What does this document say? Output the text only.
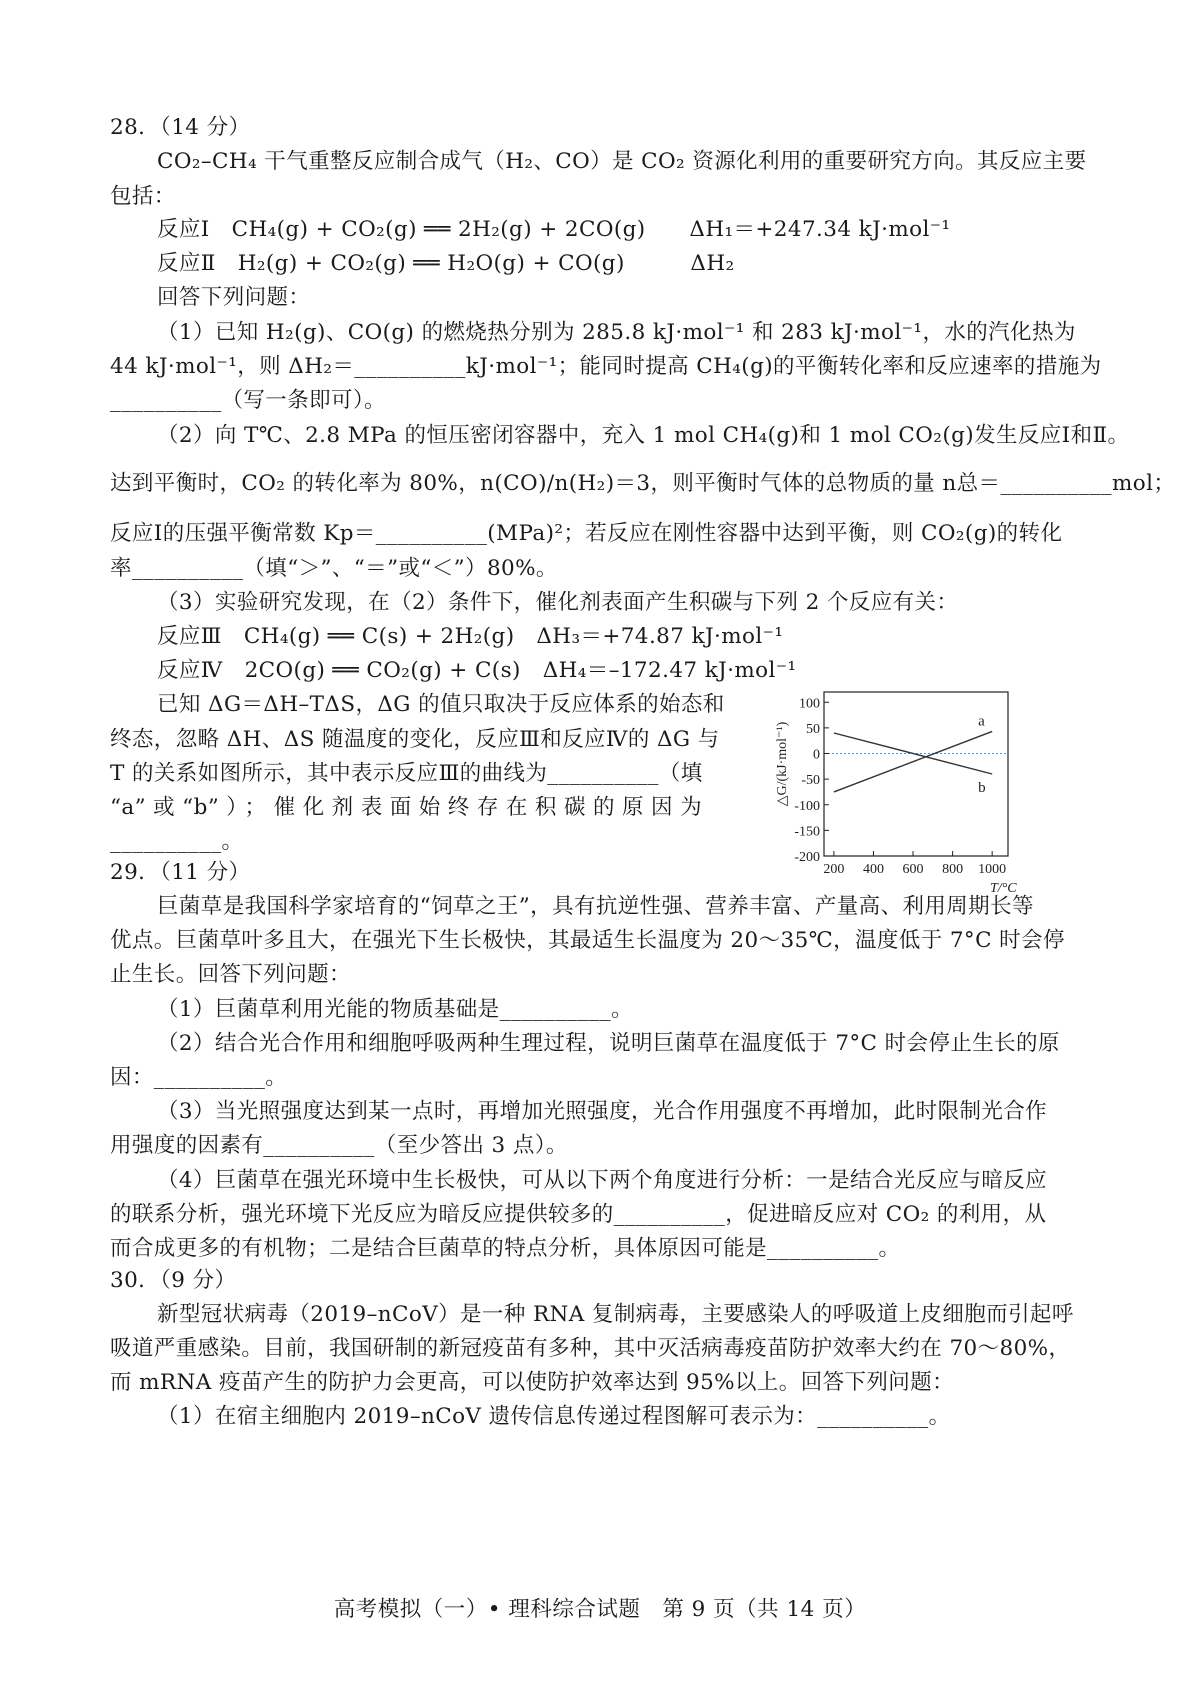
28．（14 分）
CO₂–CH₄ 干气重整反应制合成气（H₂、CO）是 CO₂ 资源化利用的重要研究方向。其反应主要
包括：
反应Ⅰ　CH₄(g) + CO₂(g) ══ 2H₂(g) + 2CO(g)　　ΔH₁＝+247.34 kJ·mol⁻¹
反应Ⅱ　H₂(g) + CO₂(g) ══ H₂O(g) + CO(g)　　　ΔH₂
回答下列问题：
（1）已知 H₂(g)、CO(g) 的燃烧热分别为 285.8 kJ·mol⁻¹ 和 283 kJ·mol⁻¹，水的汽化热为
44 kJ·mol⁻¹，则 ΔH₂＝__________kJ·mol⁻¹；能同时提高 CH₄(g)的平衡转化率和反应速率的措施为
__________（写一条即可）。
（2）向 T℃、2.8 MPa 的恒压密闭容器中，充入 1 mol CH₄(g)和 1 mol CO₂(g)发生反应Ⅰ和Ⅱ。
达到平衡时，CO₂ 的转化率为 80%，n(CO)/n(H₂)＝3，则平衡时气体的总物质的量 n总＝__________mol；
反应Ⅰ的压强平衡常数 Kp＝__________(MPa)²；若反应在刚性容器中达到平衡，则 CO₂(g)的转化
率__________（填“＞”、“＝”或“＜”）80%。
（3）实验研究发现，在（2）条件下，催化剂表面产生积碳与下列 2 个反应有关：
反应Ⅲ　CH₄(g) ══ C(s) + 2H₂(g)　ΔH₃＝+74.87 kJ·mol⁻¹
反应Ⅳ　2CO(g) ══ CO₂(g) + C(s)　ΔH₄＝–172.47 kJ·mol⁻¹
已知 ΔG＝ΔH–TΔS，ΔG 的值只取决于反应体系的始态和
终态，忽略 ΔH、ΔS 随温度的变化，反应Ⅲ和反应Ⅳ的 ΔG 与
T 的关系如图所示，其中表示反应Ⅲ的曲线为__________（填
“a”或“b”）；催化剂表面始终存在积碳的原因为
__________。
100
50
0
-50
-100
-150
-200
200 400 600 800 1000
a
b
T/°C
△G/(kJ·mol⁻¹)
29．（11 分）
巨菌草是我国科学家培育的“饲草之王”，具有抗逆性强、营养丰富、产量高、利用周期长等
优点。巨菌草叶多且大，在强光下生长极快，其最适生长温度为 20～35℃，温度低于 7°C 时会停
止生长。回答下列问题：
（1）巨菌草利用光能的物质基础是__________。
（2）结合光合作用和细胞呼吸两种生理过程，说明巨菌草在温度低于 7°C 时会停止生长的原
因：__________。
（3）当光照强度达到某一点时，再增加光照强度，光合作用强度不再增加，此时限制光合作
用强度的因素有__________（至少答出 3 点）。
（4）巨菌草在强光环境中生长极快，可从以下两个角度进行分析：一是结合光反应与暗反应
的联系分析，强光环境下光反应为暗反应提供较多的__________，促进暗反应对 CO₂ 的利用，从
而合成更多的有机物；二是结合巨菌草的特点分析，具体原因可能是__________。
30．（9 分）
新型冠状病毒（2019–nCoV）是一种 RNA 复制病毒，主要感染人的呼吸道上皮细胞而引起呼
吸道严重感染。目前，我国研制的新冠疫苗有多种，其中灭活病毒疫苗防护效率大约在 70～80%，
而 mRNA 疫苗产生的防护力会更高，可以使防护效率达到 95%以上。回答下列问题：
（1）在宿主细胞内 2019–nCoV 遗传信息传递过程图解可表示为：__________。
高考模拟（一）• 理科综合试题　第 9 页（共 14 页）
